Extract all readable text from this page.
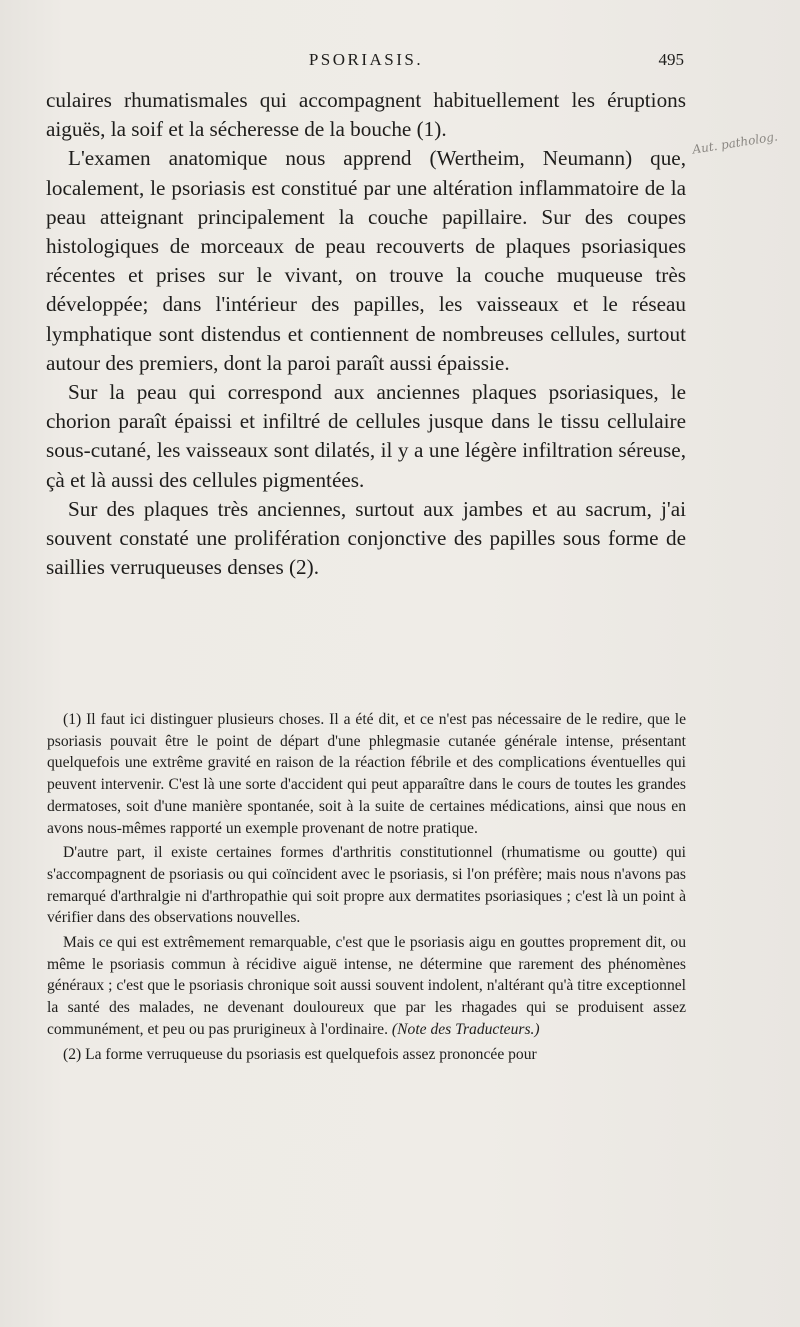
PSORIASIS.	495
Aut. patholog.

culaires rhumatismales qui accompagnent habituellement les éruptions aiguës, la soif et la sécheresse de la bouche (1).

L'examen anatomique nous apprend (Wertheim, Neumann) que, localement, le psoriasis est constitué par une altération inflammatoire de la peau atteignant principalement la couche papillaire. Sur des coupes histologiques de morceaux de peau recouverts de plaques psoriasiques récentes et prises sur le vivant, on trouve la couche muqueuse très développée; dans l'intérieur des papilles, les vaisseaux et le réseau lymphatique sont distendus et contiennent de nombreuses cellules, surtout autour des premiers, dont la paroi paraît aussi épaissie.

Sur la peau qui correspond aux anciennes plaques psoriasiques, le chorion paraît épaissi et infiltré de cellules jusque dans le tissu cellulaire sous-cutané, les vaisseaux sont dilatés, il y a une légère infiltration séreuse, çà et là aussi des cellules pigmentées.

Sur des plaques très anciennes, surtout aux jambes et au sacrum, j'ai souvent constaté une prolifération conjonctive des papilles sous forme de saillies verruqueuses denses (2).

(1) Il faut ici distinguer plusieurs choses. Il a été dit, et ce n'est pas nécessaire de le redire, que le psoriasis pouvait être le point de départ d'une phlegmasie cutanée générale intense, présentant quelquefois une extrême gravité en raison de la réaction fébrile et des complications éventuelles qui peuvent intervenir. C'est là une sorte d'accident qui peut apparaître dans le cours de toutes les grandes dermatoses, soit d'une manière spontanée, soit à la suite de certaines médications, ainsi que nous en avons nous-mêmes rapporté un exemple provenant de notre pratique.

D'autre part, il existe certaines formes d'arthritis constitutionnel (rhumatisme ou goutte) qui s'accompagnent de psoriasis ou qui coïncident avec le psoriasis, si l'on préfère; mais nous n'avons pas remarqué d'arthralgie ni d'arthropathie qui soit propre aux dermatites psoriasiques ; c'est là un point à vérifier dans des observations nouvelles.

Mais ce qui est extrêmement remarquable, c'est que le psoriasis aigu en gouttes proprement dit, ou même le psoriasis commun à récidive aiguë intense, ne détermine que rarement des phénomènes généraux ; c'est que le psoriasis chronique soit aussi souvent indolent, n'altérant qu'à titre exceptionnel la santé des malades, ne devenant douloureux que par les rhagades qui se produisent assez communément, et peu ou pas prurigineux à l'ordinaire. (Note des Traducteurs.)

(2) La forme verruqueuse du psoriasis est quelquefois assez prononcée pour
